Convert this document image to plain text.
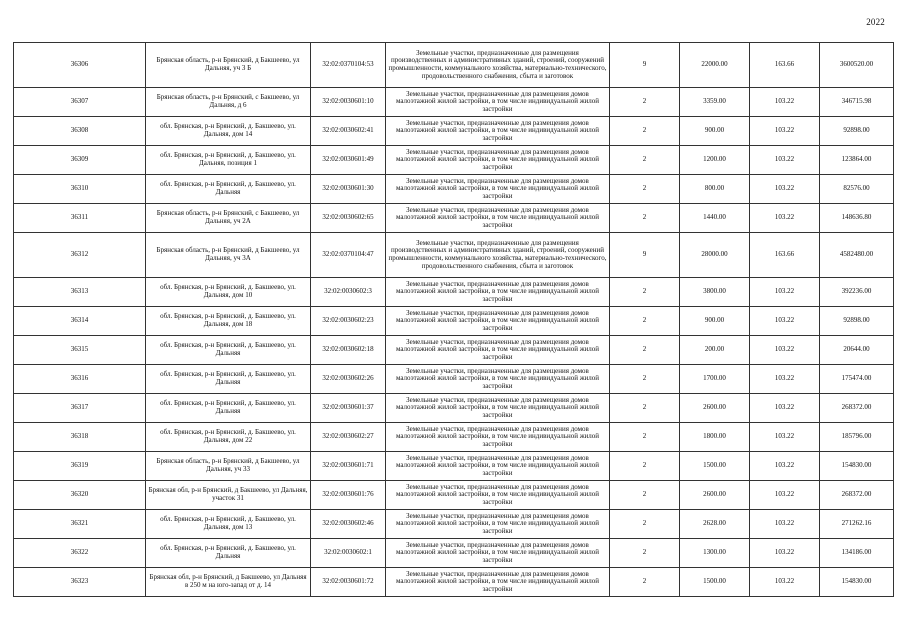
2022
36306	Брянская область, р-н Брянский, д Бакшеево, ул Дальняя, уч 3 Б	32:02:0370104:53	Земельные участки, предназначенные для размещения производственных и административных зданий, строений, сооружений промышленности, коммунального хозяйства, материально-технического, продовольственного снабжения, сбыта и заготовок	9	22000.00	163.66	3600520.00
36307	Брянская область, р-н Брянский, с Бакшеево, ул Дальняя, д 6	32:02:0030601:10	Земельные участки, предназначенные для размещения домов малоэтажной жилой застройки, в том числе индивидуальной жилой застройки	2	3359.00	103.22	346715.98
36308	обл. Брянская, р-н Брянский, д. Бакшеево, ул. Дальняя, дом 14	32:02:0030602:41	Земельные участки, предназначенные для размещения домов малоэтажной жилой застройки, в том числе индивидуальной жилой застройки	2	900.00	103.22	92898.00
36309	обл. Брянская, р-н Брянский, д. Бакшеево, ул. Дальняя, позиция 1	32:02:0030601:49	Земельные участки, предназначенные для размещения домов малоэтажной жилой застройки, в том числе индивидуальной жилой застройки	2	1200.00	103.22	123864.00
36310	обл. Брянская, р-н Брянский, д. Бакшеево, ул. Дальняя	32:02:0030601:30	Земельные участки, предназначенные для размещения домов малоэтажной жилой застройки, в том числе индивидуальной жилой застройки	2	800.00	103.22	82576.00
36311	Брянская область, р-н Брянский, с Бакшеево, ул Дальняя, уч 2А	32:02:0030602:65	Земельные участки, предназначенные для размещения домов малоэтажной жилой застройки, в том числе индивидуальной жилой застройки	2	1440.00	103.22	148636.80
36312	Брянская область, р-н Брянский, д Бакшеево, ул Дальняя, уч 3А	32:02:0370104:47	Земельные участки, предназначенные для размещения производственных и административных зданий, строений, сооружений промышленности, коммунального хозяйства, материально-технического, продовольственного снабжения, сбыта и заготовок	9	28000.00	163.66	4582480.00
36313	обл. Брянская, р-н Брянский, д. Бакшеево, ул. Дальняя, дом 10	32:02:0030602:3	Земельные участки, предназначенные для размещения домов малоэтажной жилой застройки, в том числе индивидуальной жилой застройки	2	3800.00	103.22	392236.00
36314	обл. Брянская, р-н Брянский, д. Бакшеево, ул. Дальняя, дом 18	32:02:0030602:23	Земельные участки, предназначенные для размещения домов малоэтажной жилой застройки, в том числе индивидуальной жилой застройки	2	900.00	103.22	92898.00
36315	обл. Брянская, р-н Брянский, д. Бакшеево, ул. Дальняя	32:02:0030602:18	Земельные участки, предназначенные для размещения домов малоэтажной жилой застройки, в том числе индивидуальной жилой застройки	2	200.00	103.22	20644.00
36316	обл. Брянская, р-н Брянский, д. Бакшеево, ул. Дальняя	32:02:0030602:26	Земельные участки, предназначенные для размещения домов малоэтажной жилой застройки, в том числе индивидуальной жилой застройки	2	1700.00	103.22	175474.00
36317	обл. Брянская, р-н Брянский, д. Бакшеево, ул. Дальняя	32:02:0030601:37	Земельные участки, предназначенные для размещения домов малоэтажной жилой застройки, в том числе индивидуальной жилой застройки	2	2600.00	103.22	268372.00
36318	обл. Брянская, р-н Брянский, д. Бакшеево, ул. Дальняя, дом 22	32:02:0030602:27	Земельные участки, предназначенные для размещения домов малоэтажной жилой застройки, в том числе индивидуальной жилой застройки	2	1800.00	103.22	185796.00
36319	Брянская область, р-н Брянский, д Бакшеево, ул Дальняя, уч 33	32:02:0030601:71	Земельные участки, предназначенные для размещения домов малоэтажной жилой застройки, в том числе индивидуальной жилой застройки	2	1500.00	103.22	154830.00
36320	Брянская обл, р-н Брянский, д Бакшеево, ул Дальняя, участок 31	32:02:0030601:76	Земельные участки, предназначенные для размещения домов малоэтажной жилой застройки, в том числе индивидуальной жилой застройки	2	2600.00	103.22	268372.00
36321	обл. Брянская, р-н Брянский, д. Бакшеево, ул. Дальняя, дом 13	32:02:0030602:46	Земельные участки, предназначенные для размещения домов малоэтажной жилой застройки, в том числе индивидуальной жилой застройки	2	2628.00	103.22	271262.16
36322	обл. Брянская, р-н Брянский, д. Бакшеево, ул. Дальняя	32:02:0030602:1	Земельные участки, предназначенные для размещения домов малоэтажной жилой застройки, в том числе индивидуальной жилой застройки	2	1300.00	103.22	134186.00
36323	Брянская обл, р-н Брянский, д Бакшеево, ул Дальняя в 250 м на юго-запад от д. 14	32:02:0030601:72	Земельные участки, предназначенные для размещения домов малоэтажной жилой застройки, в том числе индивидуальной жилой застройки	2	1500.00	103.22	154830.00
